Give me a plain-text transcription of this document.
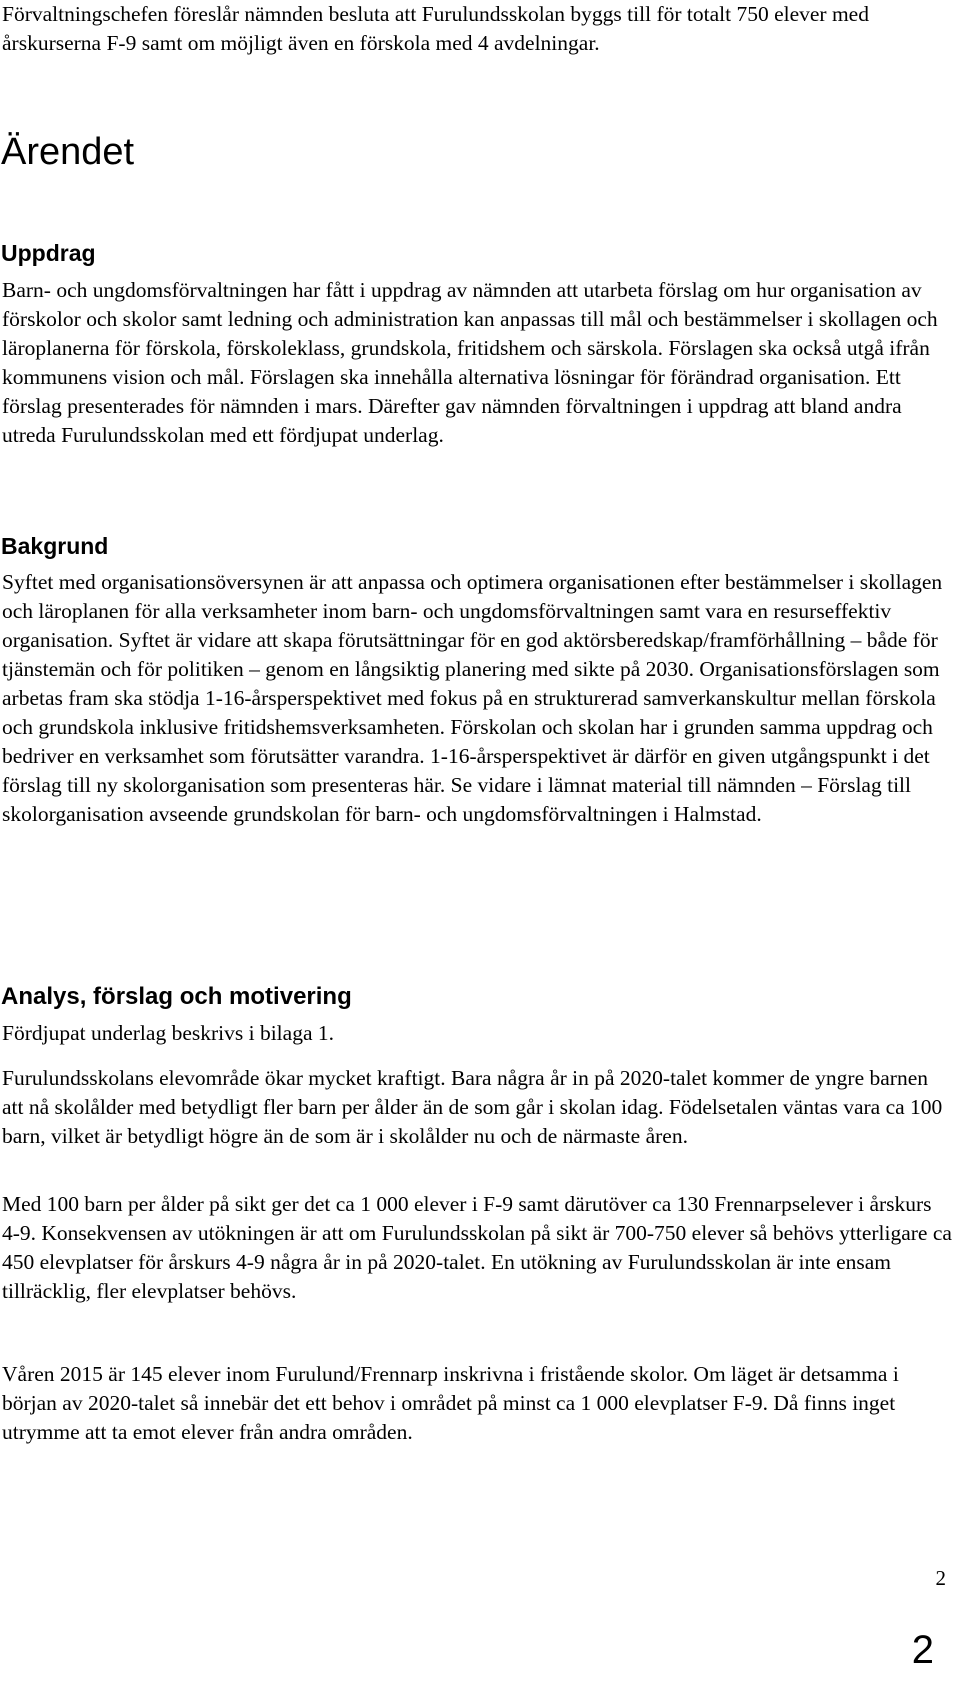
Förvaltningschefen föreslår nämnden besluta att Furulundsskolan byggs till för totalt 750 elever med årskurserna F-9 samt om möjligt även en förskola med 4 avdelningar.

Ärendet
Uppdrag

Barn- och ungdomsförvaltningen har fått i uppdrag av nämnden att utarbeta förslag om hur organisation av förskolor och skolor samt ledning och administration kan anpassas till mål och bestämmelser i skollagen och läroplanerna för förskola, förskoleklass, grundskola, fritidshem och särskola. Förslagen ska också utgå ifrån kommunens vision och mål. Förslagen ska innehålla alternativa lösningar för förändrad organisation. Ett förslag presenterades för nämnden i mars. Därefter gav nämnden förvaltningen i uppdrag att bland andra utreda Furulundsskolan med ett fördjupat underlag.

Bakgrund

Syftet med organisationsöversynen är att anpassa och optimera organisationen efter bestämmelser i skollagen och läroplanen för alla verksamheter inom barn- och ungdomsförvaltningen samt vara en resurseffektiv organisation. Syftet är vidare att skapa förutsättningar för en god aktörsberedskap/framförhållning – både för tjänstemän och för politiken – genom en långsiktig planering med sikte på 2030. Organisationsförslagen som arbetas fram ska stödja 1-16-årsperspektivet med fokus på en strukturerad samverkanskultur mellan förskola och grundskola inklusive fritidshemsverksamheten. Förskolan och skolan har i grunden samma uppdrag och bedriver en verksamhet som förutsätter varandra. 1-16-årsperspektivet är därför en given utgångspunkt i det förslag till ny skolorganisation som presenteras här. Se vidare i lämnat material till nämnden – Förslag till skolorganisation avseende grundskolan för barn- och ungdomsförvaltningen i Halmstad.

Analys, förslag och motivering

Fördjupat underlag beskrivs i bilaga 1.

Furulundsskolans elevområde ökar mycket kraftigt. Bara några år in på 2020-talet kommer de yngre barnen att nå skolålder med betydligt fler barn per ålder än de som går i skolan idag. Födelsetalen väntas vara ca 100 barn, vilket är betydligt högre än de som är i skolålder nu och de närmaste åren.

Med 100 barn per ålder på sikt ger det ca 1 000 elever i F-9 samt därutöver ca 130 Frennarpselever i årskurs 4-9. Konsekvensen av utökningen är att om Furulundsskolan på sikt är 700-750 elever så behövs ytterligare ca 450 elevplatser för årskurs 4-9 några år in på 2020-talet. En utökning av Furulundsskolan är inte ensam tillräcklig, fler elevplatser behövs.

Våren 2015 är 145 elever inom Furulund/Frennarp inskrivna i fristående skolor. Om läget är detsamma i början av 2020-talet så innebär det ett behov i området på minst ca 1 000 elevplatser F-9. Då finns inget utrymme att ta emot elever från andra områden.

2
2
